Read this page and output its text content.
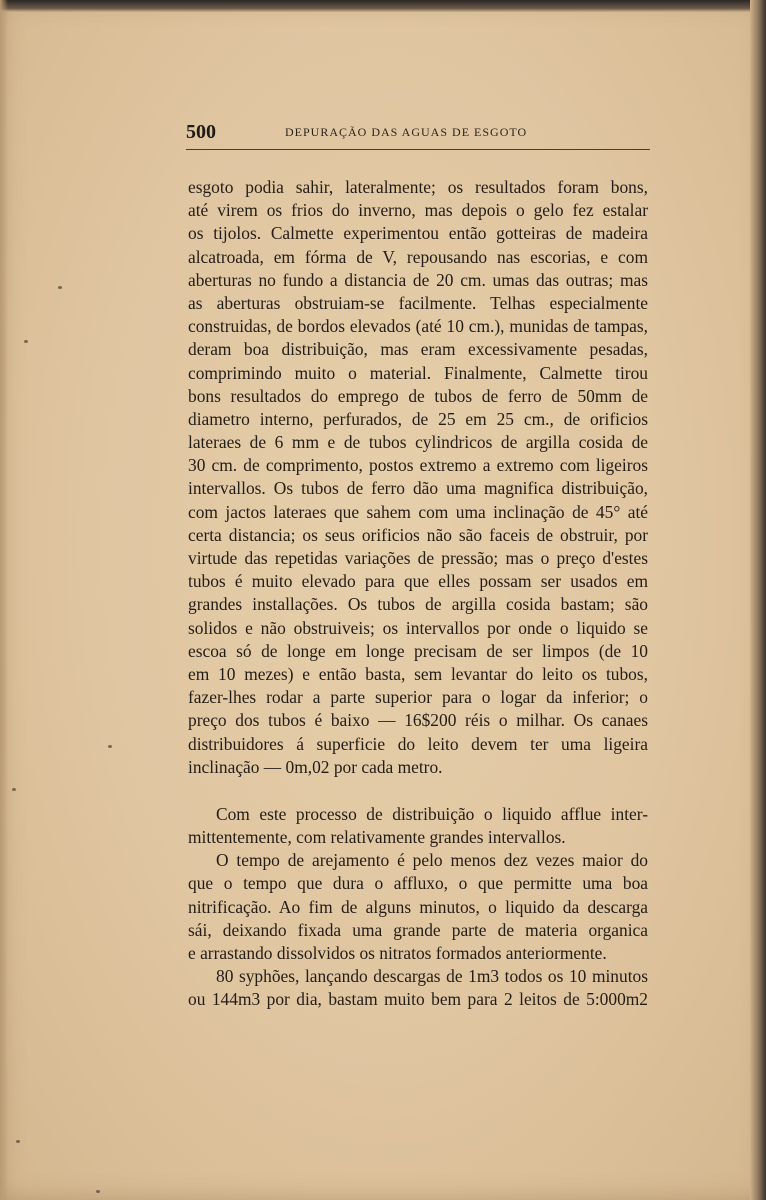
500	DEPURAÇÃO DAS AGUAS DE ESGOTO
esgoto podia sahir, lateralmente; os resultados foram bons,
até virem os frios do inverno, mas depois o gelo fez estalar
os tijolos. Calmette experimentou então gotteiras de madeira
alcatroada, em fórma de V, repousando nas escorias, e com
aberturas no fundo a distancia de 20 cm. umas das outras; mas
as aberturas obstruiam-se facilmente. Telhas especialmente
construidas, de bordos elevados (até 10 cm.), munidas de tampas,
deram boa distribuição, mas eram excessivamente pesadas,
comprimindo muito o material. Finalmente, Calmette tirou
bons resultados do emprego de tubos de ferro de 50mm de
diametro interno, perfurados, de 25 em 25 cm., de orificios
lateraes de 6 mm e de tubos cylindricos de argilla cosida de
30 cm. de comprimento, postos extremo a extremo com ligeiros
intervallos. Os tubos de ferro dão uma magnifica distribuição,
com jactos lateraes que sahem com uma inclinação de 45° até
certa distancia; os seus orificios não são faceis de obstruir, por
virtude das repetidas variações de pressão; mas o preço d'estes
tubos é muito elevado para que elles possam ser usados em
grandes installações. Os tubos de argilla cosida bastam; são
solidos e não obstruiveis; os intervallos por onde o liquido se
escoa só de longe em longe precisam de ser limpos (de 10
em 10 mezes) e então basta, sem levantar do leito os tubos,
fazer-lhes rodar a parte superior para o logar da inferior; o
preço dos tubos é baixo — 16$200 réis o milhar. Os canaes
distribuidores á superficie do leito devem ter uma ligeira
inclinação — 0m,02 por cada metro.
Com este processo de distribuição o liquido afflue inter-
mittentemente, com relativamente grandes intervallos.
O tempo de arejamento é pelo menos dez vezes maior do
que o tempo que dura o affluxo, o que permitte uma boa
nitrificação. Ao fim de alguns minutos, o liquido da descarga
sái, deixando fixada uma grande parte de materia organica
e arrastando dissolvidos os nitratos formados anteriormente.
80 syphões, lançando descargas de 1m3 todos os 10 minutos
ou 144m3 por dia, bastam muito bem para 2 leitos de 5:000m2
